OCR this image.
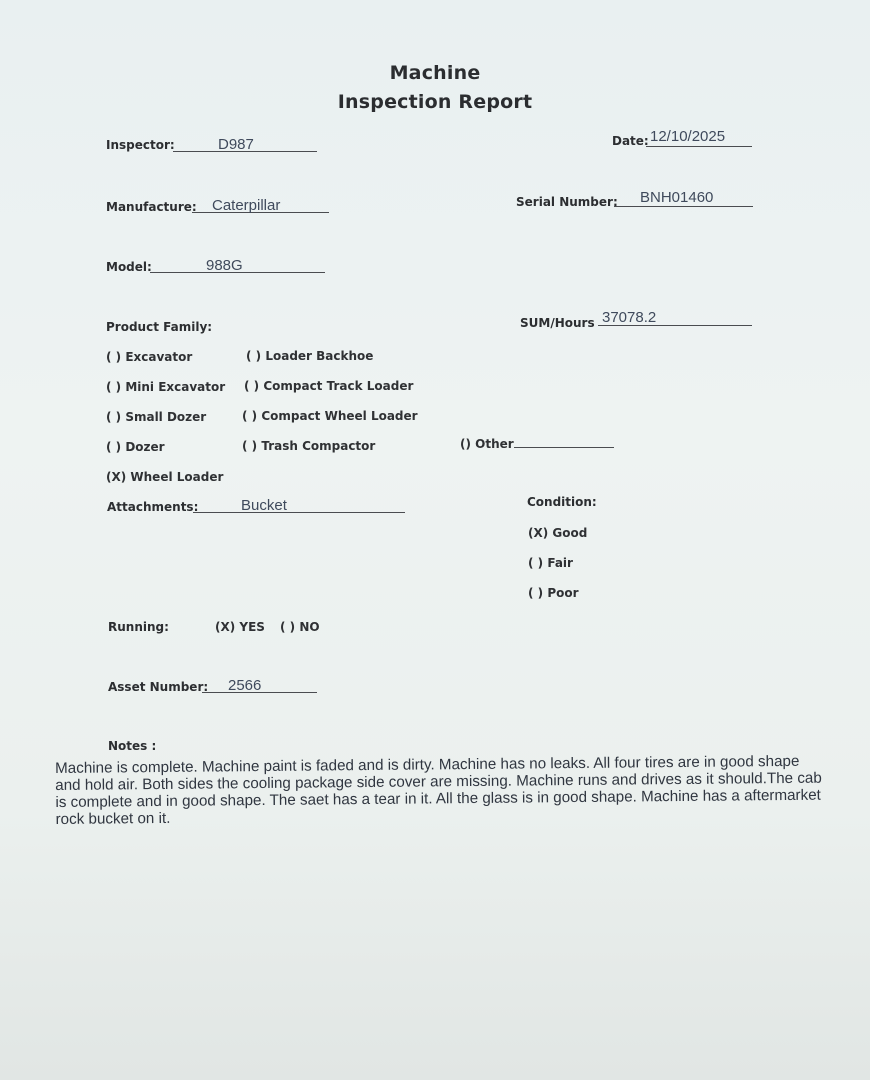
Machine
Inspection Report
Inspector:	D987	Date: 12/10/2025
Manufacture: Caterpillar	Serial Number: BNH01460
Model:	988G
SUM/Hours 37078.2
Product Family:
( ) Excavator	( ) Loader Backhoe
( ) Mini Excavator ( ) Compact Track Loader
( ) Small Dozer	( ) Compact Wheel Loader
( ) Dozer	( ) Trash Compactor	() Other
(X) Wheel Loader
Attachments:	Bucket	Condition:
(X) Good
( ) Fair
( ) Poor
Running:	(X) YES ( ) NO
Asset Number: 2566
Notes :
Machine is complete. Machine paint is faded and is dirty. Machine has no leaks. All four tires are in good shape and hold air. Both sides the cooling package side cover are missing. Machine runs and drives as it should.The cab is complete and in good shape. The saet has a tear in it. All the glass is in good shape. Machine has a aftermarket rock bucket on it.
